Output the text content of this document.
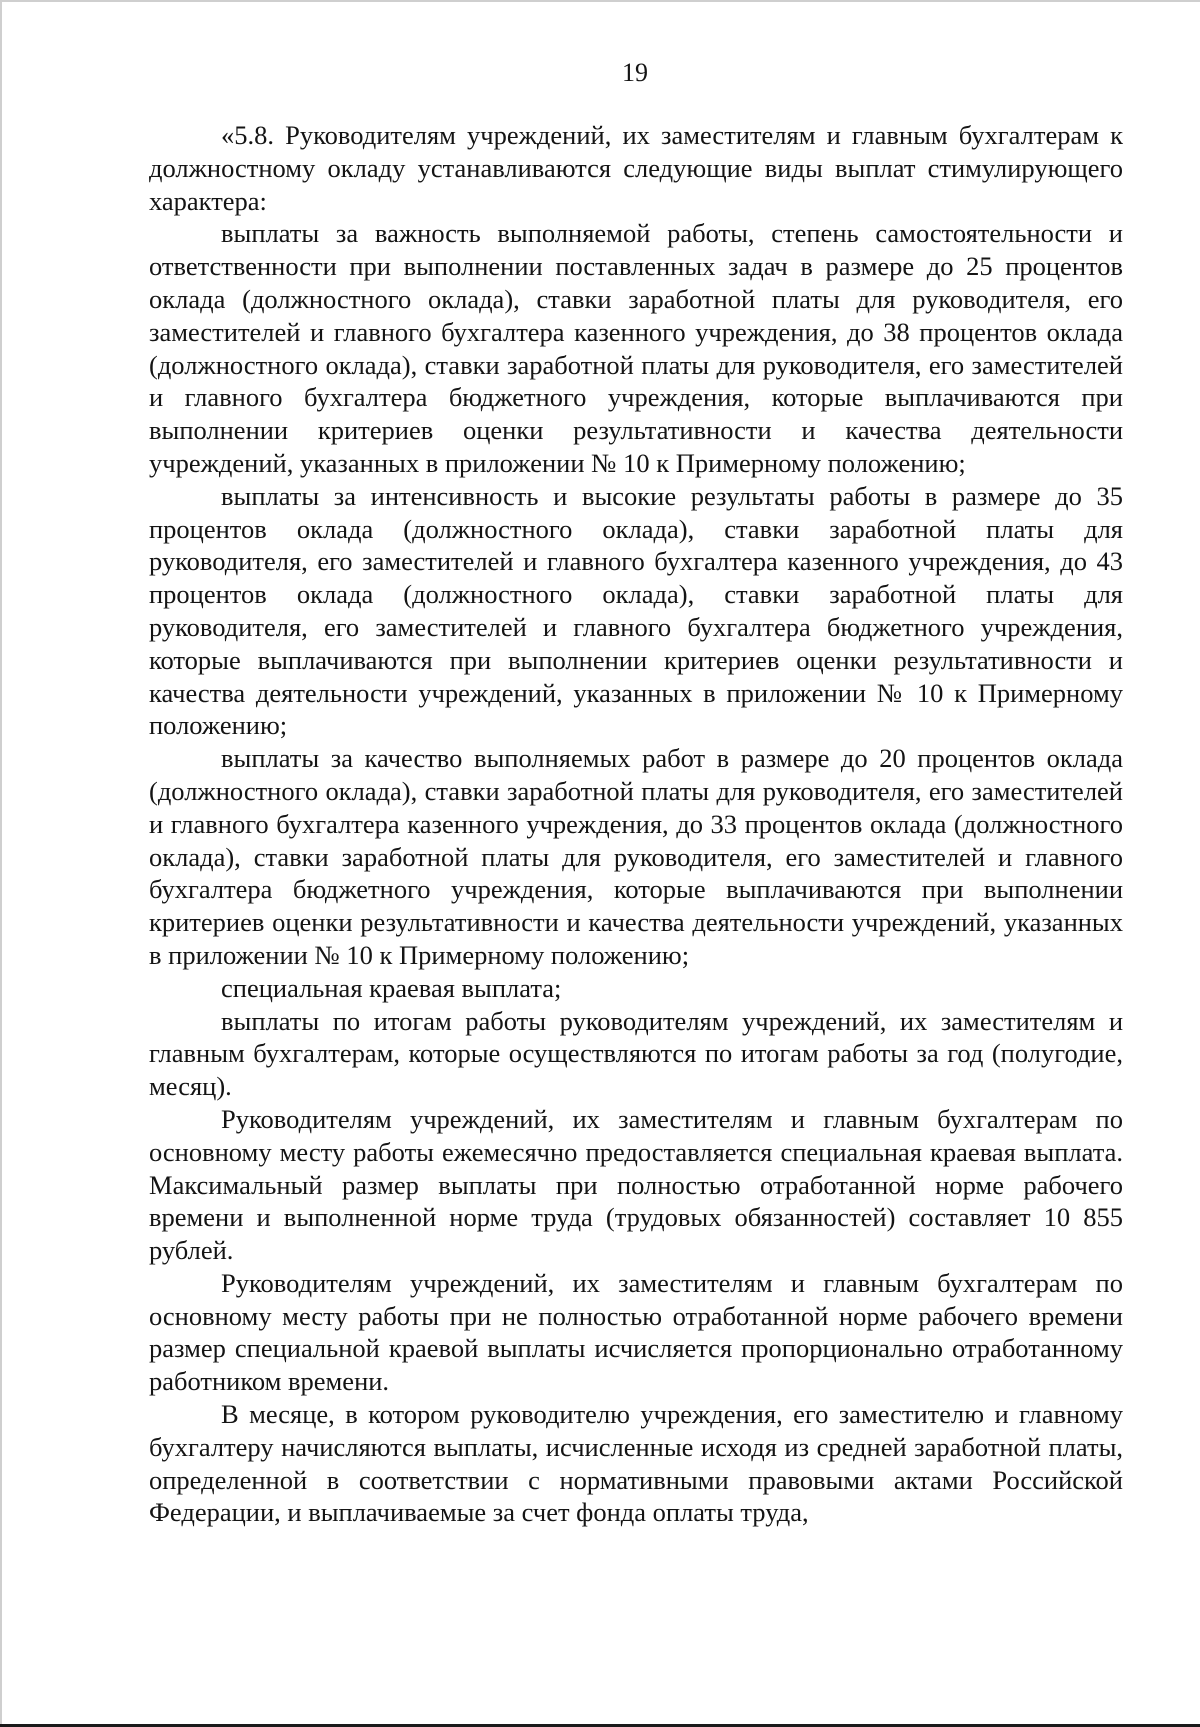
19

«5.8. Руководителям учреждений, их заместителям и главным бухгалтерам к должностному окладу устанавливаются следующие виды выплат стимулирующего характера:

выплаты за важность выполняемой работы, степень самостоятельности и ответственности при выполнении поставленных задач в размере до 25 процентов оклада (должностного оклада), ставки заработной платы для руководителя, его заместителей и главного бухгалтера казенного учреждения, до 38 процентов оклада (должностного оклада), ставки заработной платы для руководителя, его заместителей и главного бухгалтера бюджетного учреждения, которые выплачиваются при выполнении критериев оценки результативности и качества деятельности учреждений, указанных в приложении № 10 к Примерному положению;

выплаты за интенсивность и высокие результаты работы в размере до 35 процентов оклада (должностного оклада), ставки заработной платы для руководителя, его заместителей и главного бухгалтера казенного учреждения, до 43 процентов оклада (должностного оклада), ставки заработной платы для руководителя, его заместителей и главного бухгалтера бюджетного учреждения, которые выплачиваются при выполнении критериев оценки результативности и качества деятельности учреждений, указанных в приложении № 10 к Примерному положению;

выплаты за качество выполняемых работ в размере до 20 процентов оклада (должностного оклада), ставки заработной платы для руководителя, его заместителей и главного бухгалтера казенного учреждения, до 33 процентов оклада (должностного оклада), ставки заработной платы для руководителя, его заместителей и главного бухгалтера бюджетного учреждения, которые выплачиваются при выполнении критериев оценки результативности и качества деятельности учреждений, указанных в приложении № 10 к Примерному положению;

специальная краевая выплата;

выплаты по итогам работы руководителям учреждений, их заместителям и главным бухгалтерам, которые осуществляются по итогам работы за год (полугодие, месяц).

Руководителям учреждений, их заместителям и главным бухгалтерам по основному месту работы ежемесячно предоставляется специальная краевая выплата. Максимальный размер выплаты при полностью отработанной норме рабочего времени и выполненной норме труда (трудовых обязанностей) составляет 10 855 рублей.

Руководителям учреждений, их заместителям и главным бухгалтерам по основному месту работы при не полностью отработанной норме рабочего времени размер специальной краевой выплаты исчисляется пропорционально отработанному работником времени.

В месяце, в котором руководителю учреждения, его заместителю и главному бухгалтеру начисляются выплаты, исчисленные исходя из средней заработной платы, определенной в соответствии с нормативными правовыми актами Российской Федерации, и выплачиваемые за счет фонда оплаты труда,
